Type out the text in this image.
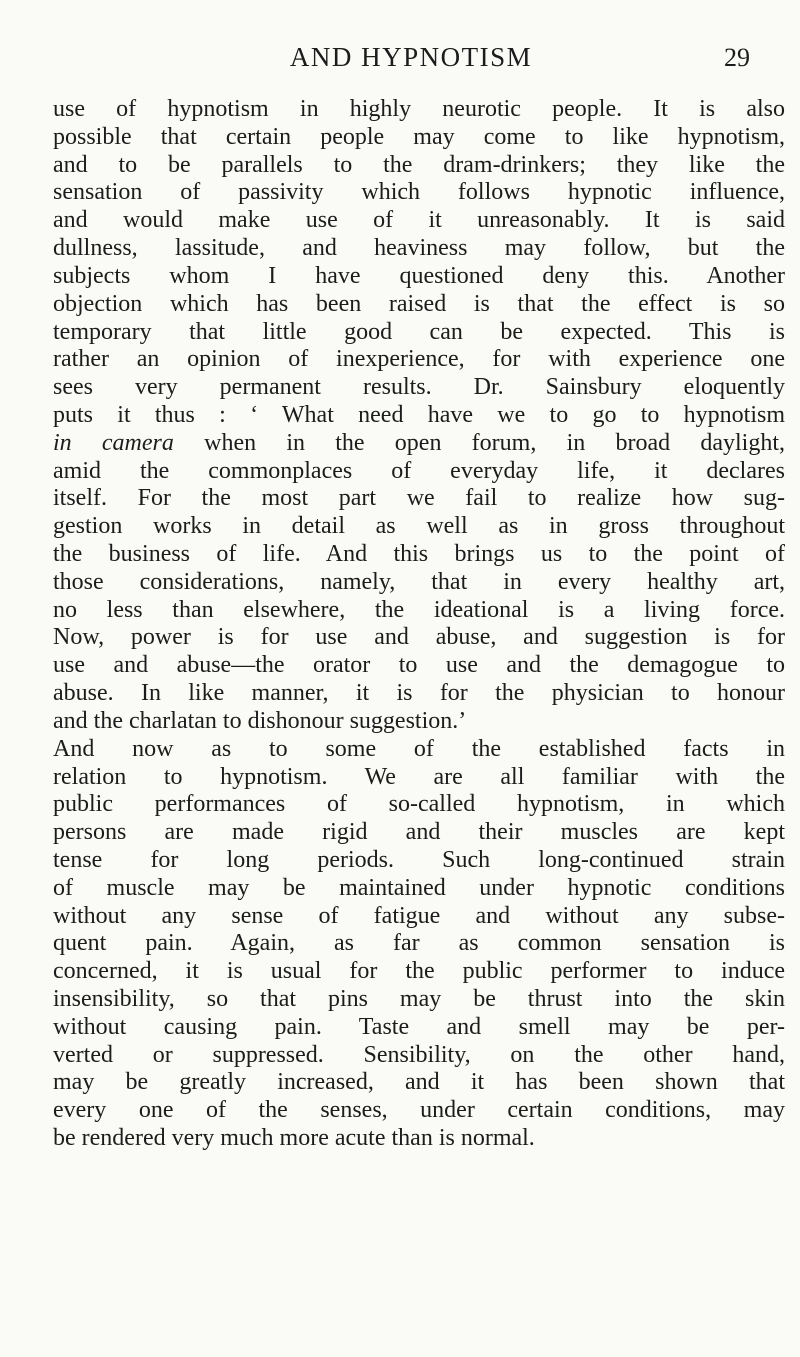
AND HYPNOTISM	29
use of hypnotism in highly neurotic people. It is also
possible that certain people may come to like hypnotism,
and to be parallels to the dram-drinkers; they like the
sensation of passivity which follows hypnotic influence,
and would make use of it unreasonably. It is said
dullness, lassitude, and heaviness may follow, but the
subjects whom I have questioned deny this. Another
objection which has been raised is that the effect is so
temporary that little good can be expected. This is
rather an opinion of inexperience, for with experience one
sees very permanent results. Dr. Sainsbury eloquently
puts it thus : ‘ What need have we to go to hypnotism
in camera when in the open forum, in broad daylight,
amid the commonplaces of everyday life, it declares
itself. For the most part we fail to realize how sug-
gestion works in detail as well as in gross throughout
the business of life. And this brings us to the point of
those considerations, namely, that in every healthy art,
no less than elsewhere, the ideational is a living force.
Now, power is for use and abuse, and suggestion is for
use and abuse—the orator to use and the demagogue to
abuse. In like manner, it is for the physician to honour
and the charlatan to dishonour suggestion.’
And now as to some of the established facts in
relation to hypnotism. We are all familiar with the
public performances of so-called hypnotism, in which
persons are made rigid and their muscles are kept
tense for long periods. Such long-continued strain
of muscle may be maintained under hypnotic conditions
without any sense of fatigue and without any subse-
quent pain. Again, as far as common sensation is
concerned, it is usual for the public performer to induce
insensibility, so that pins may be thrust into the skin
without causing pain. Taste and smell may be per-
verted or suppressed. Sensibility, on the other hand,
may be greatly increased, and it has been shown that
every one of the senses, under certain conditions, may
be rendered very much more acute than is normal.
